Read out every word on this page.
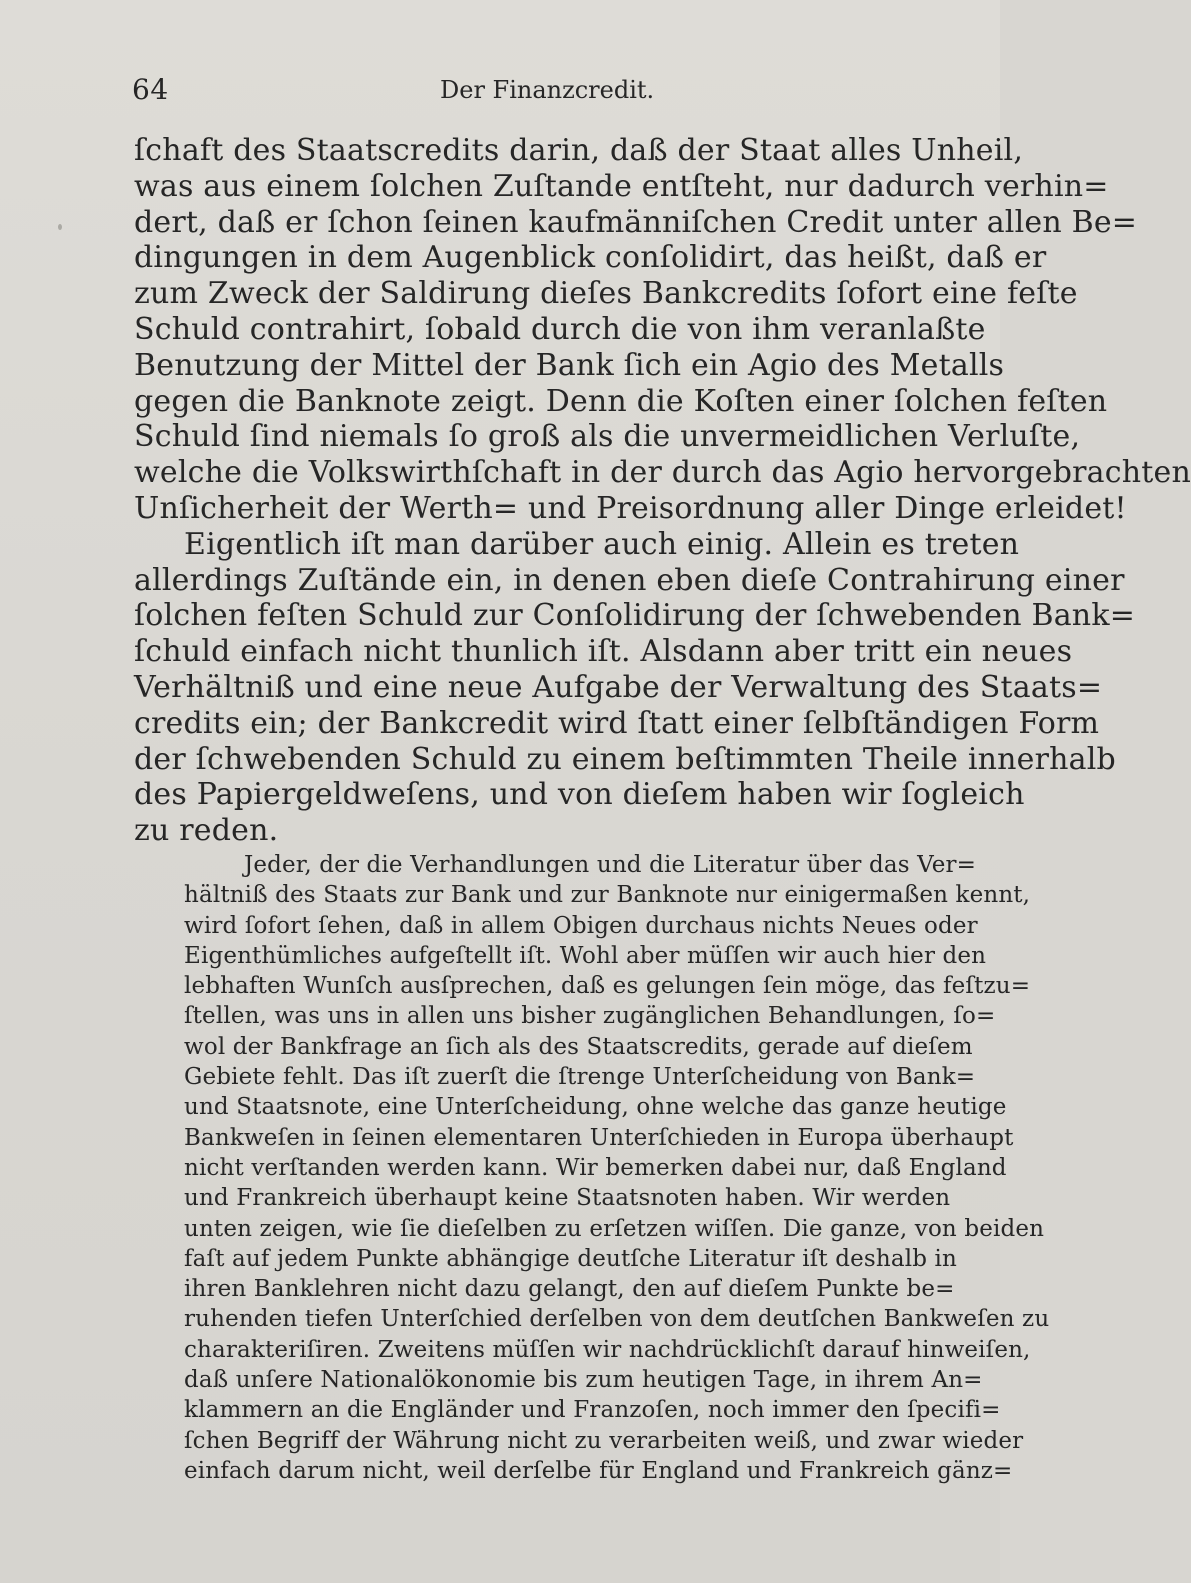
64	Der Finanzcredit.
ſchaft des Staatscredits darin, daß der Staat alles Unheil,
was aus einem ſolchen Zuſtande entſteht, nur dadurch verhin=
dert, daß er ſchon ſeinen kaufmänniſchen Credit unter allen Be=
dingungen in dem Augenblick conſolidirt, das heißt, daß er
zum Zweck der Saldirung dieſes Bankcredits ſofort eine feſte
Schuld contrahirt, ſobald durch die von ihm veranlaßte
Benutzung der Mittel der Bank ſich ein Agio des Metalls
gegen die Banknote zeigt. Denn die Koſten einer ſolchen feſten
Schuld ſind niemals ſo groß als die unvermeidlichen Verluſte,
welche die Volkswirthſchaft in der durch das Agio hervorgebrachten
Unſicherheit der Werth= und Preisordnung aller Dinge erleidet!
Eigentlich iſt man darüber auch einig. Allein es treten
allerdings Zuſtände ein, in denen eben dieſe Contrahirung einer
ſolchen feſten Schuld zur Conſolidirung der ſchwebenden Bank=
ſchuld einfach nicht thunlich iſt. Alsdann aber tritt ein neues
Verhältniß und eine neue Aufgabe der Verwaltung des Staats=
credits ein; der Bankcredit wird ſtatt einer ſelbſtändigen Form
der ſchwebenden Schuld zu einem beſtimmten Theile innerhalb
des Papiergeldweſens, und von dieſem haben wir ſogleich
zu reden.
Jeder, der die Verhandlungen und die Literatur über das Ver=
hältniß des Staats zur Bank und zur Banknote nur einigermaßen kennt,
wird ſofort ſehen, daß in allem Obigen durchaus nichts Neues oder
Eigenthümliches aufgeſtellt iſt. Wohl aber müſſen wir auch hier den
lebhaften Wunſch ausſprechen, daß es gelungen ſein möge, das feſtzu=
ſtellen, was uns in allen uns bisher zugänglichen Behandlungen, ſo=
wol der Bankfrage an ſich als des Staatscredits, gerade auf dieſem
Gebiete fehlt. Das iſt zuerſt die ſtrenge Unterſcheidung von Bank=
und Staatsnote, eine Unterſcheidung, ohne welche das ganze heutige
Bankweſen in ſeinen elementaren Unterſchieden in Europa überhaupt
nicht verſtanden werden kann. Wir bemerken dabei nur, daß England
und Frankreich überhaupt keine Staatsnoten haben. Wir werden
unten zeigen, wie ſie dieſelben zu erſetzen wiſſen. Die ganze, von beiden
faſt auf jedem Punkte abhängige deutſche Literatur iſt deshalb in
ihren Banklehren nicht dazu gelangt, den auf dieſem Punkte be=
ruhenden tiefen Unterſchied derſelben von dem deutſchen Bankweſen zu
charakteriſiren. Zweitens müſſen wir nachdrücklichſt darauf hinweiſen,
daß unſere Nationalökonomie bis zum heutigen Tage, in ihrem An=
klammern an die Engländer und Franzoſen, noch immer den ſpecifi=
ſchen Begriff der Währung nicht zu verarbeiten weiß, und zwar wieder
einfach darum nicht, weil derſelbe für England und Frankreich gänz=
